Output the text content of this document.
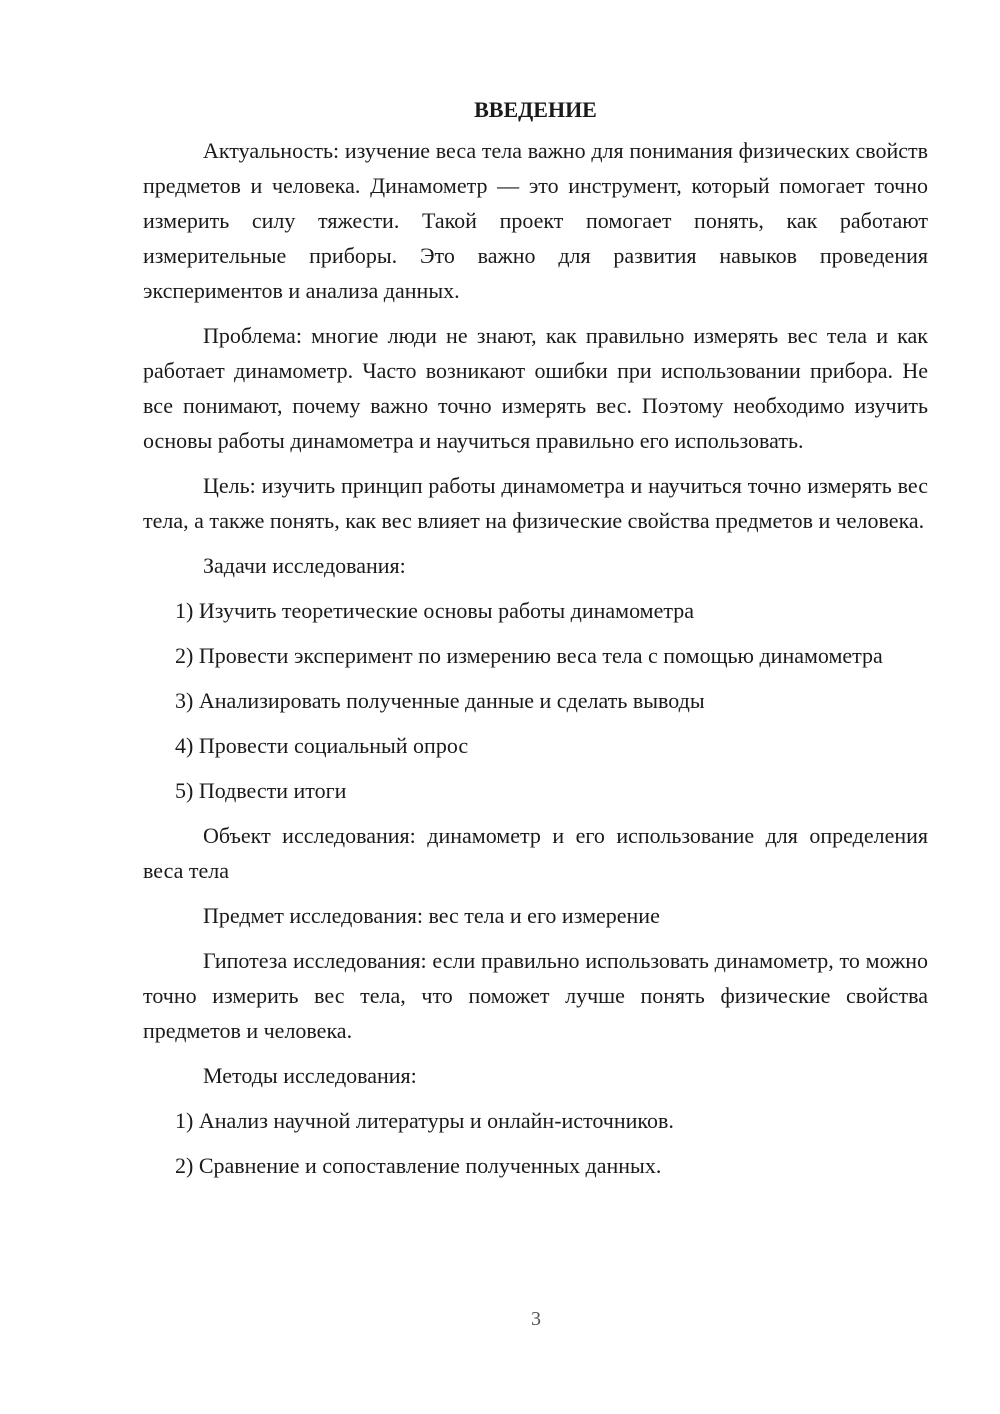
ВВЕДЕНИЕ

Актуальность: изучение веса тела важно для понимания физических свойств предметов и человека. Динамометр — это инструмент, который помогает точно измерить силу тяжести. Такой проект помогает понять, как работают измерительные приборы. Это важно для развития навыков проведения экспериментов и анализа данных.

Проблема: многие люди не знают, как правильно измерять вес тела и как работает динамометр. Часто возникают ошибки при использовании прибора. Не все понимают, почему важно точно измерять вес. Поэтому необходимо изучить основы работы динамометра и научиться правильно его использовать.

Цель: изучить принцип работы динамометра и научиться точно измерять вес тела, а также понять, как вес влияет на физические свойства предметов и человека.

Задачи исследования:

1) Изучить теоретические основы работы динамометра

2) Провести эксперимент по измерению веса тела с помощью динамометра

3) Анализировать полученные данные и сделать выводы

4) Провести социальный опрос

5) Подвести итоги

Объект исследования: динамометр и его использование для определения веса тела

Предмет исследования: вес тела и его измерение

Гипотеза исследования: если правильно использовать динамометр, то можно точно измерить вес тела, что поможет лучше понять физические свойства предметов и человека.

Методы исследования:

1) Анализ научной литературы и онлайн-источников.

2) Сравнение и сопоставление полученных данных.

3
